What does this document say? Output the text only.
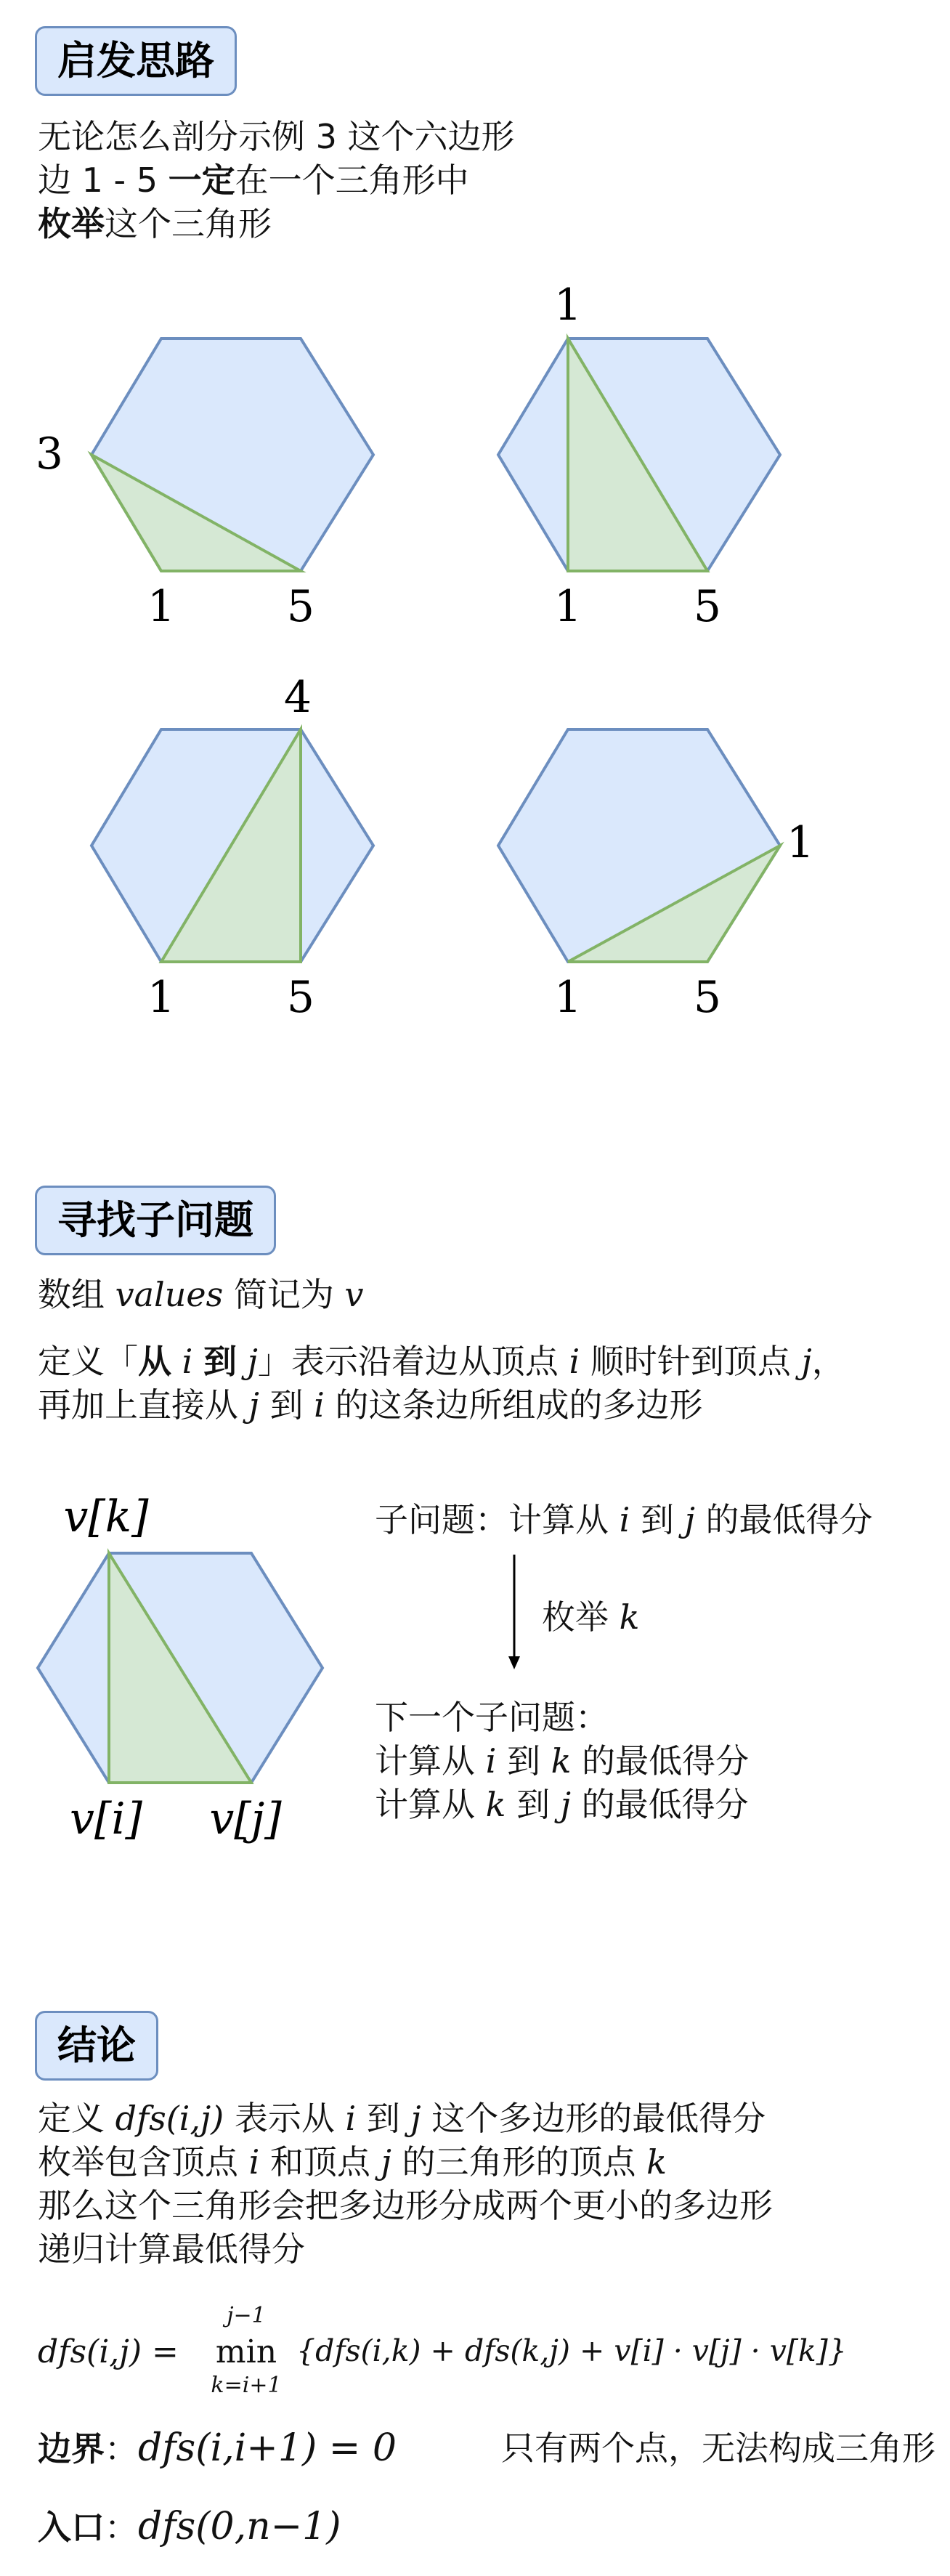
启发思路
无论怎么剖分示例 3 这个六边形
边 1 - 5 一定在一个三角形中
枚举这个三角形
3
1	5
1
1	5
4
1	5
1
1	5
v[k]
v[i] v[j]
寻找子问题
数组 values 简记为 v
定义「从 i 到 j」表示沿着边从顶点 i 顺时针到顶点 j，
再加上直接从 j 到 i 的这条边所组成的多边形
子问题：计算从 i 到 j 的最低得分
枚举 k
下一个子问题：
计算从 i 到 k 的最低得分
计算从 k 到 j 的最低得分
结论
定义 dfs(i,j) 表示从 i 到 j 这个多边形的最低得分
枚举包含顶点 i 和顶点 j 的三角形的顶点 k
那么这个三角形会把多边形分成两个更小的多边形
递归计算最低得分
dfs(i,j) =
j−1
min
k=i+1
{dfs(i,k) + dfs(k,j) + v[i] · v[j] · v[k]}
边界：dfs(i,i+1) = 0	只有两个点，无法构成三角形
入口：dfs(0,n−1)
